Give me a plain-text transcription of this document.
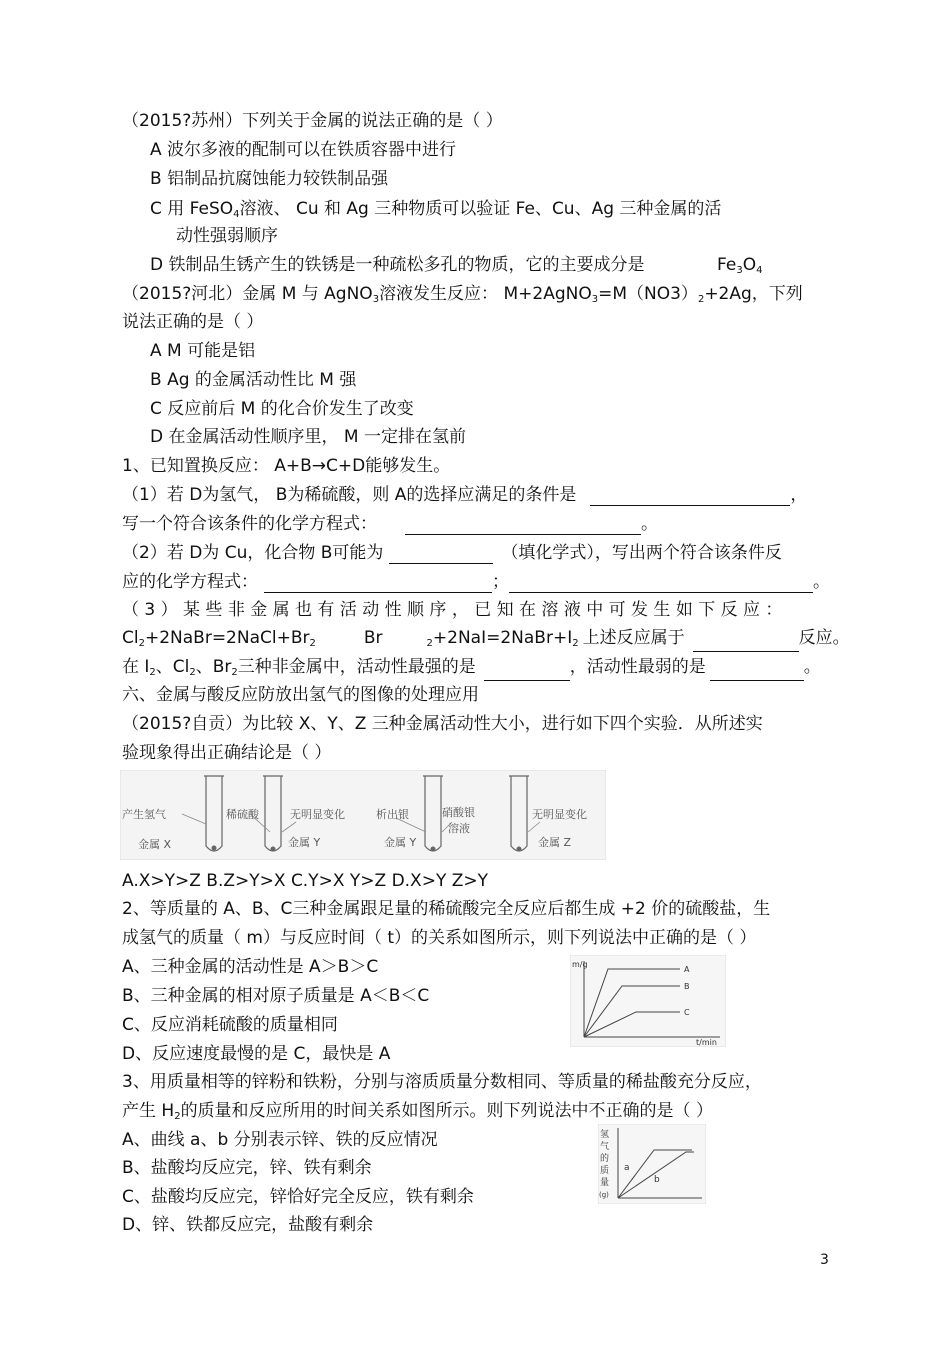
（2015?苏州）下列关于金属的说法正确的是（ ）
A 波尔多液的配制可以在铁质容器中进行
B 铝制品抗腐蚀能力较铁制品强
C 用 FeSO$_4$溶液、 Cu 和 Ag 三种物质可以验证 Fe、Cu、Ag 三种金属的活
动性强弱顺序
D 铁制品生锈产生的铁锈是一种疏松多孔的物质，它的主要成分是	$Fe_3O_4$
（2015?河北）金属 M 与 AgNO$_3$溶液发生反应： $M+2AgNO_3=M(NO3)_2+2Ag$，下列
说法正确的是（ ）
A M 可能是铝
B Ag 的金属活动性比 M 强
C 反应前后 M 的化合价发生了改变
D 在金属活动性顺序里， M 一定排在氢前
1、已知置换反应： A+B→C+D能够发生。
（1）若 D为氢气， B为稀硫酸，则 A的选择应满足的条件是	，
写一个符合该条件的化学方程式：	。
（2）若 D为 Cu，化合物 B可能为	（填化学式），写出两个符合该条件反
应的化学方程式：	；	。
（3）某些非金属也有活动性顺序，已知在溶液中可发生如下反应：
$Cl_2+2NaBr=2NaCl+Br_2$	Br	$_2+2NaI=2NaBr+I_2$ 上述反应属于	反应。
在 $I_2$、$Cl_2$、$Br_2$三种非金属中，活动性最强的是	，活动性最弱的是	。
六、金属与酸反应防放出氢气的图像的处理应用
（2015?自贡）为比较 X、Y、Z 三种金属活动性大小，进行如下四个实验．从所述实
验现象得出正确结论是（ ）
产生氢气	稀硫酸	无明显变化	析出银	硝酸银
溶液
无明显变化
金属 X	金属 Y	金属 Y	金属 Z
A.X>Y>Z B.Z>Y>X C.Y>X Y>Z D.X>Y Z>Y
2、等质量的 A、B、C三种金属跟足量的稀硫酸完全反应后都生成 +2 价的硫酸盐，生
成氢气的质量（ m）与反应时间（ t）的关系如图所示，则下列说法中正确的是（ ）
A、三种金属的活动性是 A＞B＞C
B、三种金属的相对原子质量是 A＜B＜C
C、反应消耗硫酸的质量相同
D、反应速度最慢的是 C，最快是 A
m/g
t/min
A
B
C
3、用质量相等的锌粉和铁粉，分别与溶质质量分数相同、等质量的稀盐酸充分反应，
产生 $H_2$的质量和反应所用的时间关系如图所示。则下列说法中不正确的是（ ）
A、曲线 a、b 分别表示锌、铁的反应情况
B、盐酸均反应完，锌、铁有剩余
C、盐酸均反应完，锌恰好完全反应，铁有剩余
D、锌、铁都反应完，盐酸有剩余
氢
气
的
质
量
(g)
a
b
3
